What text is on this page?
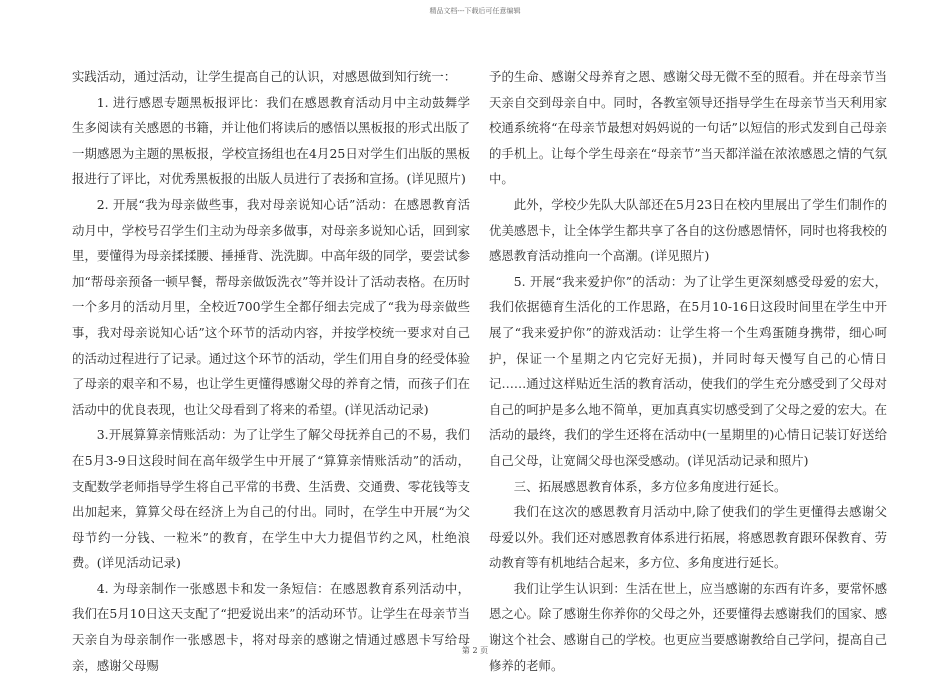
精品文档---下载后可任意编辑

实践活动，通过活动，让学生提高自己的认识，对感恩做到知行统一：

1. 进行感恩专题黑板报评比：我们在感恩教育活动月中主动鼓舞学生多阅读有关感恩的书籍，并让他们将读后的感悟以黑板报的形式出版了一期感恩为主题的黑板报，学校宣扬组也在4月25日对学生们出版的黑板报进行了评比，对优秀黑板报的出版人员进行了表扬和宣扬。(详见照片)

2. 开展“我为母亲做些事，我对母亲说知心话”活动：在感恩教育活动月中，学校号召学生们主动为母亲多做事，对母亲多说知心话，回到家里，要懂得为母亲揉揉腰、捶捶背、洗洗脚。中高年级的同学，要尝试参加“帮母亲预备一顿早餐，帮母亲做饭洗衣”等并设计了活动表格。在历时一个多月的活动月里，全校近700学生全都仔细去完成了“我为母亲做些事，我对母亲说知心话”这个环节的活动内容，并按学校统一要求对自己的活动过程进行了记录。通过这个环节的活动，学生们用自身的经受体验了母亲的艰辛和不易，也让学生更懂得感谢父母的养育之情，而孩子们在活动中的优良表现，也让父母看到了将来的希望。(详见活动记录)

3.开展算算亲情账活动：为了让学生了解父母抚养自己的不易，我们在5月3-9日这段时间在高年级学生中开展了“算算亲情账活动”的活动，支配数学老师指导学生将自己平常的书费、生活费、交通费、零花钱等支出加起来，算算父母在经济上为自己的付出。同时，在学生中开展“为父母节约一分钱、一粒米”的教育，在学生中大力提倡节约之风，杜绝浪费。(详见活动记录)

4. 为母亲制作一张感恩卡和发一条短信：在感恩教育系列活动中，我们在5月10日这天支配了“把爱说出来”的活动环节。让学生在母亲节当天亲自为母亲制作一张感恩卡，将对母亲的感谢之情通过感恩卡写给母亲，感谢父母赐

予的生命、感谢父母养育之恩、感谢父母无微不至的照看。并在母亲节当天亲自交到母亲自中。同时，各教室领导还指导学生在母亲节当天利用家校通系统将“在母亲节最想对妈妈说的一句话”以短信的形式发到自己母亲的手机上。让每个学生母亲在“母亲节”当天都洋溢在浓浓感恩之情的气氛中。

此外，学校少先队大队部还在5月23日在校内里展出了学生们制作的优美感恩卡，让全体学生都共享了各自的这份感恩情怀，同时也将我校的感恩教育活动推向一个高潮。(详见照片)

5. 开展“我来爱护你”的活动：为了让学生更深刻感受母爱的宏大，我们依据德育生活化的工作思路，在5月10-16日这段时间里在学生中开展了“我来爱护你”的游戏活动：让学生将一个生鸡蛋随身携带，细心呵护，保证一个星期之内它完好无损)，并同时每天慢写自己的心情日记……通过这样贴近生活的教育活动，使我们的学生充分感受到了父母对自己的呵护是多么地不简单，更加真真实切感受到了父母之爱的宏大。在活动的最终，我们的学生还将在活动中(一星期里的)心情日记装订好送给自己父母，让宽阔父母也深受感动。(详见活动记录和照片)

三、拓展感恩教育体系，多方位多角度进行延长。

我们在这次的感恩教育月活动中,除了使我们的学生更懂得去感谢父母爱以外。我们还对感恩教育体系进行拓展，将感恩教育跟环保教育、劳动教育等有机地结合起来，多方位、多角度进行延长。

我们让学生认识到：生活在世上，应当感谢的东西有许多，要常怀感恩之心。除了感谢生你养你的父母之外，还要懂得去感谢我们的国家、感谢这个社会、感谢自己的学校。也更应当要感谢教给自己学问，提高自己修养的老师。

第 2 页
